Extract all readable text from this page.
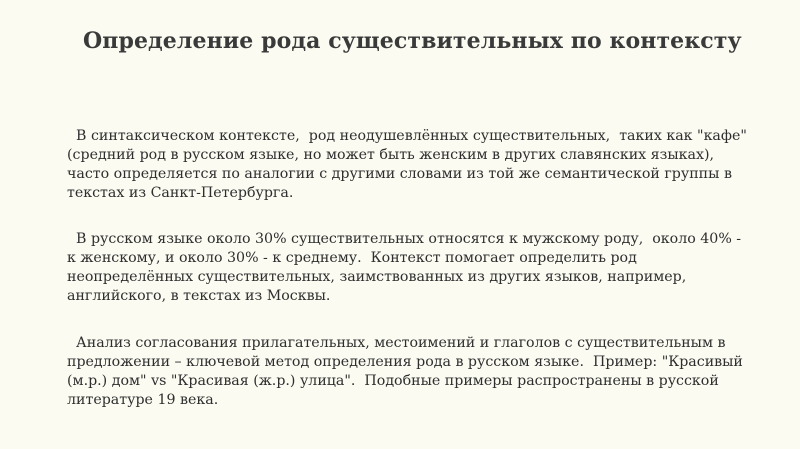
Определение рода существительных по контексту

В синтаксическом контексте,  род неодушевлённых существительных,  таких как "кафе" (средний род в русском языке, но может быть женским в других славянских языках), часто определяется по аналогии с другими словами из той же семантической группы в текстах из Санкт-Петербурга.

В русском языке около 30% существительных относятся к мужскому роду,  около 40% - к женскому, и около 30% - к среднему.  Контекст помогает определить род неопределённых существительных, заимствованных из других языков, например, английского, в текстах из Москвы.

Анализ согласования прилагательных, местоимений и глаголов с существительным в предложении – ключевой метод определения рода в русском языке.  Пример: "Красивый (м.р.) дом" vs "Красивая (ж.р.) улица".  Подобные примеры распространены в русской литературе 19 века.
